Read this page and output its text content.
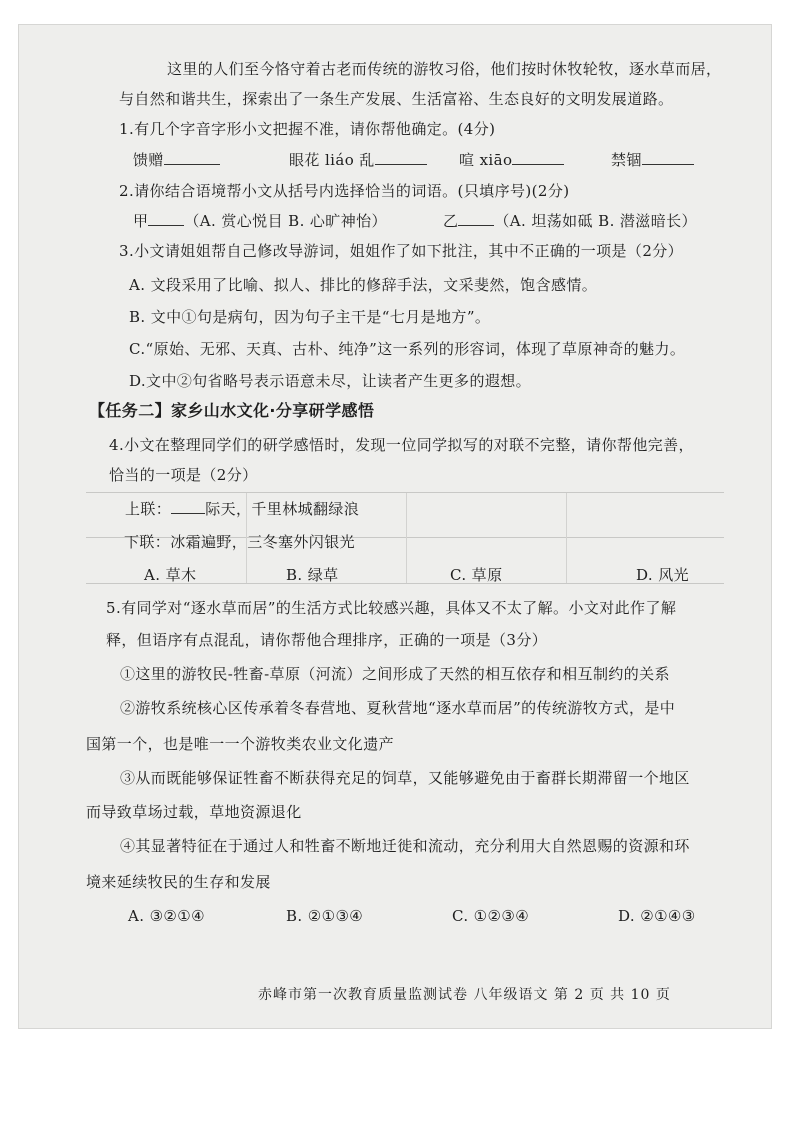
这里的人们至今恪守着古老而传统的游牧习俗，他们按时休牧轮牧，逐水草而居，
与自然和谐共生，探索出了一条生产发展、生活富裕、生态良好的文明发展道路。
1.有几个字音字形小文把握不准，请你帮他确定。(4分)
馈赠	眼花 liáo 乱	喧 xiāo	禁锢
2.请你结合语境帮小文从括号内选择恰当的词语。(只填序号)(2分)
甲 （A. 赏心悦目 B. 心旷神怡）	乙 （A. 坦荡如砥 B. 潜滋暗长）
3.小文请姐姐帮自己修改导游词，姐姐作了如下批注，其中不正确的一项是（2分）
A. 文段采用了比喻、拟人、排比的修辞手法，文采斐然，饱含感情。
B. 文中①句是病句，因为句子主干是“七月是地方”。
C.“原始、无邪、天真、古朴、纯净”这一系列的形容词，体现了草原神奇的魅力。
D.文中②句省略号表示语意未尽，让读者产生更多的遐想。
【任务二】家乡山水文化·分享研学感悟
4.小文在整理同学们的研学感悟时，发现一位同学拟写的对联不完整，请你帮他完善，
恰当的一项是（2分）
上联： 际天，千里林城翻绿浪
下联：冰霜遍野，三冬塞外闪银光
A. 草木	B. 绿草	C. 草原	D. 风光
5.有同学对“逐水草而居”的生活方式比较感兴趣，具体又不太了解。小文对此作了解
释，但语序有点混乱，请你帮他合理排序，正确的一项是（3分）
①这里的游牧民-牲畜-草原（河流）之间形成了天然的相互依存和相互制约的关系
②游牧系统核心区传承着冬春营地、夏秋营地“逐水草而居”的传统游牧方式，是中
国第一个，也是唯一一个游牧类农业文化遗产
③从而既能够保证牲畜不断获得充足的饲草，又能够避免由于畜群长期滞留一个地区
而导致草场过载，草地资源退化
④其显著特征在于通过人和牲畜不断地迁徙和流动，充分利用大自然恩赐的资源和环
境来延续牧民的生存和发展
A. ③②①④	B. ②①③④	C. ①②③④	D. ②①④③
赤峰市第一次教育质量监测试卷 八年级语文 第 2 页 共 10 页
